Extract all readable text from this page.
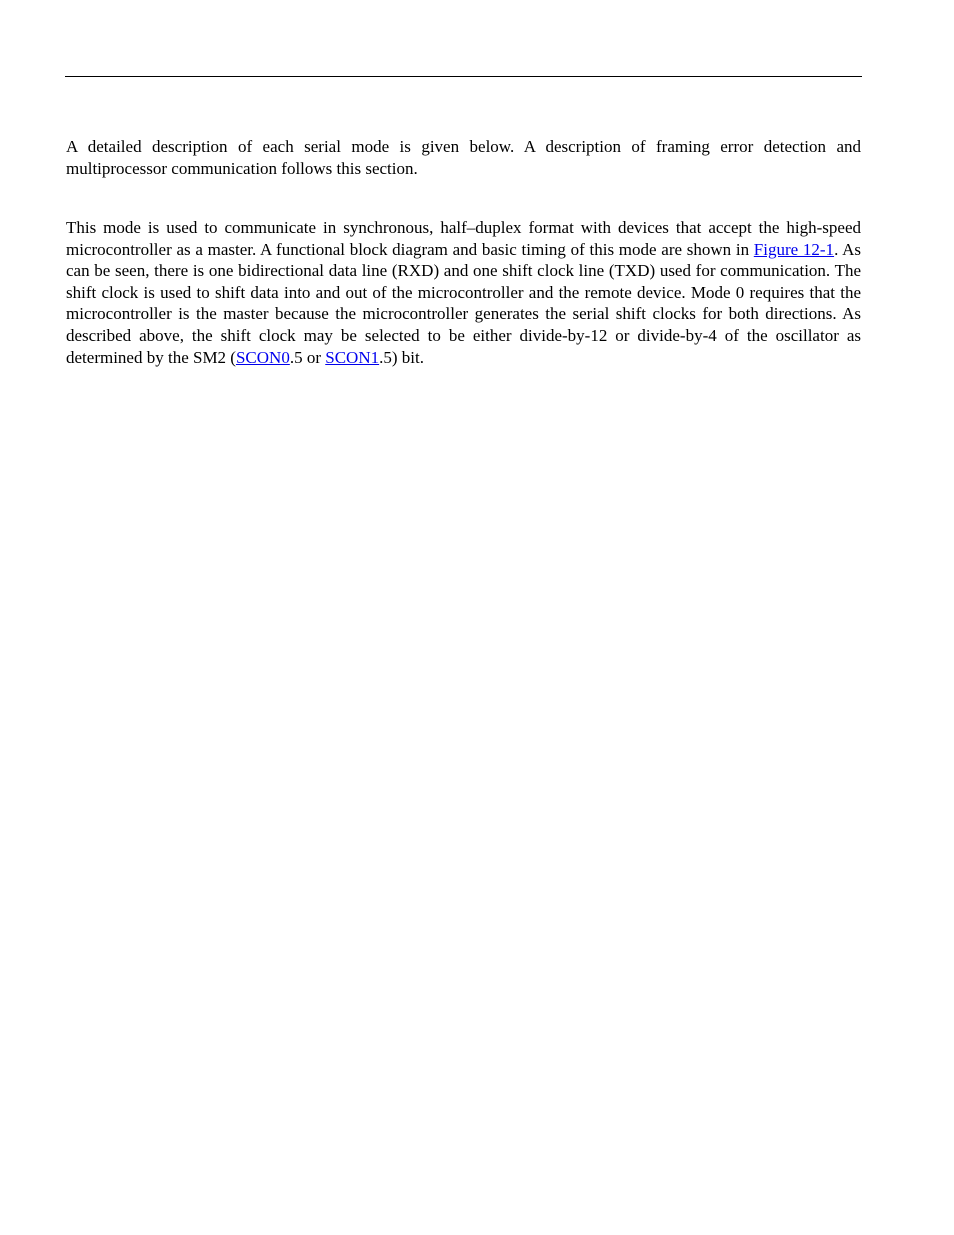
A detailed description of each serial mode is given below. A description of framing error detection and multiprocessor communication follows this section.

This mode is used to communicate in synchronous, half–duplex format with devices that accept the high-speed microcontroller as a master. A functional block diagram and basic timing of this mode are shown in Figure 12-1. As can be seen, there is one bidirectional data line (RXD) and one shift clock line (TXD) used for communication. The shift clock is used to shift data into and out of the microcontroller and the remote device. Mode 0 requires that the microcontroller is the master because the microcontroller generates the serial shift clocks for both directions. As described above, the shift clock may be selected to be either divide-by-12 or divide-by-4 of the oscillator as determined by the SM2 (SCON0.5 or SCON1.5) bit.
